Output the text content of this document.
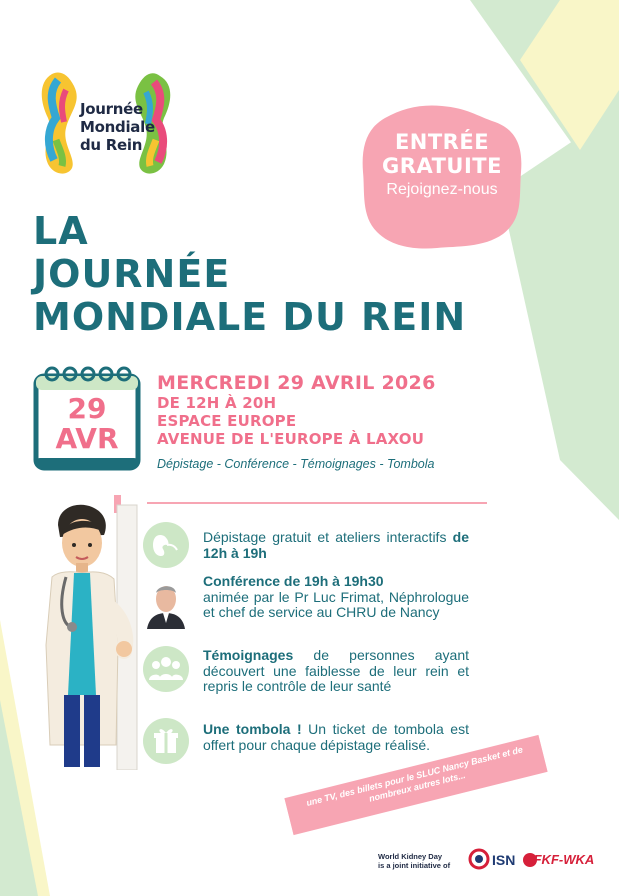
Journée
Mondiale
du Rein	ENTRÉE
GRATUITE
Rejoignez-nous
LA
JOURNÉE
MONDIALE DU REIN
29
AVR
MERCREDI 29 AVRIL 2026
DE 12H À 20H
ESPACE EUROPE
AVENUE DE L'EUROPE À LAXOU
Dépistage - Conférence - Témoignages - Tombola
Dépistage gratuit et ateliers interactifs de 12h à 19h
Conférence de 19h à 19h30
animée par le Pr Luc Frimat, Néphrologue et chef de service au CHRU de Nancy
Témoignages de personnes ayant découvert une faiblesse de leur rein et repris le contrôle de leur santé
Une tombola ! Un ticket de tombola est offert pour chaque dépistage réalisé.
une TV, des billets pour le SLUC Nancy Basket et de nombreux autres lots...
World Kidney Day
is a joint initiative of	ISN IFKF-WKA
